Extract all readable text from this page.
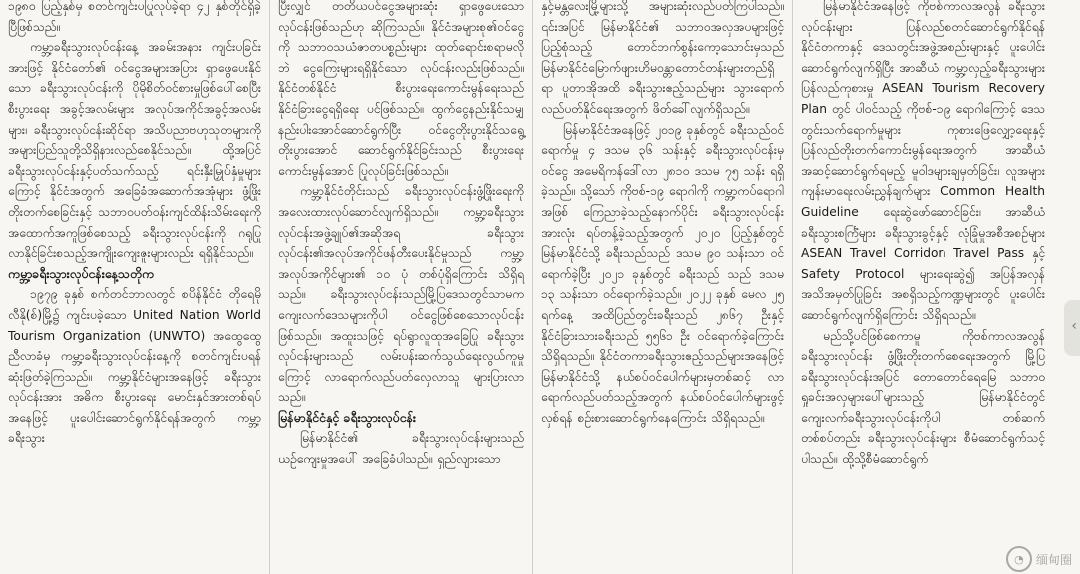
၁၉၈၀ ပြည့်နှစ်မှ စတင်ကျင်းပပြုလုပ်ခဲ့ရာ ၄၂ နှစ်တိုင်ရှိခဲ့ပြီဖြစ်သည်။

ကမ္ဘာ့ခရီးသွားလုပ်ငန်းနေ့ အခမ်းအနား ကျင်းပခြင်းအားဖြင့် နိုင်ငံတော်၏ ဝင်ငွေအများအပြား ရှာဖွေပေးနိုင်သော ခရီးသွားလုပ်ငန်းကို ပိုမိုစိတ်ဝင်စားမှုဖြစ်ပေါ်စေပြီး စီးပွားရေး အခွင့်အလမ်းများ အလုပ်အကိုင်အခွင့်အလမ်းများ၊ ခရီးသွားလုပ်ငန်းဆိုင်ရာ အသိပညာဗဟုသုတများကို အများပြည်သူတို့သိရှိနားလည်စေနိုင်သည်။ ထို့အပြင် ခရီးသွားလုပ်ငန်းနှင့်ပတ်သက်သည့် ရင်းနှီးမြှုပ်နှံမှုများကြောင့် နိုင်ငံအတွက် အခြေခံအဆောက်အအုံများ ဖွံ့ဖြိုးတိုးတက်စေခြင်းနှင့် သဘာဝပတ်ဝန်းကျင်ထိန်းသိမ်းရေးကို အထောက်အကူဖြစ်စေသည့် ခရီးသွားလုပ်ငန်းကို ဂရုပြုလာနိုင်ခြင်းစသည့်အကျိုးကျေးဇူးများလည်း ရရှိနိုင်သည်။

ကမ္ဘာ့ခရီးသွားလုပ်ငန်းနေ့သတိုက

၁၉၇၉ ခုနှစ် စက်တင်ဘာလတွင် စပိန်နိုင်ငံ တိုရေမိုလီနို(စ်)မြို့၌ ကျင်းပခဲ့သော United Nation World Tourism Organization (UNWTO) အထွေထွေညီလာခံမှ ကမ္ဘာ့ခရီးသွားလုပ်ငန်းနေ့ကို စတင်ကျင်းပရန် ဆုံးဖြတ်ခဲ့ကြသည်။ ကမ္ဘာ့နိုင်ငံများအနေဖြင့် ခရီးသွားလုပ်ငန်းအား အဓိက စီးပွားရေး မောင်းနှင်အားတစ်ရပ်အနေဖြင့် ပူးပေါင်းဆောင်ရွက်နိုင်ရန်အတွက် ကမ္ဘာ့ခရီးသွား

ပြီးလျှင် တတိယပင်ငွေအများဆုံး ရှာဖွေပေးသော လုပ်ငန်းဖြစ်သည်ဟု ဆိုကြသည်။ နိုင်ငံအများစု၏ဝင်ငွေကို သဘာဝသယံဇာတပစ္စည်းများ ထုတ်ရောင်းစရာမလိုဘဲ ငွေကြေးများရရှိနိုင်သော လုပ်ငန်းလည်းဖြစ်သည်။ နိုင်ငံတစ်နိုင်ငံ စီးပွားရေးကောင်းမွန်ရေးသည် နိုင်ငံခြားငွေရရှိရေး ပင်ဖြစ်သည်။ ထွက်ငွေနည်းနိုင်သမျှ နည်းပါးအောင်ဆောင်ရွက်ပြီး ဝင်ငွေတိုးပွားနိုင်သရွေ့ တိုးပွားအောင် ဆောင်ရွက်နိုင်ခြင်းသည် စီးပွားရေးကောင်းမွန်အောင် ပြုလုပ်ခြင်းဖြစ်သည်။

ကမ္ဘာ့နိုင်ငံတိုင်းသည် ခရီးသွားလုပ်ငန်းဖွံ့ဖြိုးရေးကို အလေးထားလုပ်ဆောင်လျက်ရှိသည်။ ကမ္ဘာ့ခရီးသွားလုပ်ငန်းအဖွဲ့ချုပ်၏အဆိုအရ ခရီးသွားလုပ်ငန်း၏အလုပ်အကိုင်ဖန်တီးပေးနိုင်မှုသည် ကမ္ဘာ့အလုပ်အကိုင်များ၏ ၁၀ ပုံ တစ်ပုံရှိကြောင်း သိရှိရသည်။ ခရီးသွားလုပ်ငန်းသည်မြို့ပြဒေသတွင်သာမက ကျေးလက်ဒေသများကိုပါ ဝင်ငွေဖြစ်စေသောလုပ်ငန်းဖြစ်သည်။ အထူးသဖြင့် ရပ်ရွာလူထုအခြေပြု ခရီးသွားလုပ်ငန်းများသည် လမ်းပန်းဆက်သွယ်ရေးလွယ်ကူမှုကြောင့် လာရောက်လည်ပတ်လှေလာသူ များပြားလာသည်။

မြန်မာနိုင်ငံနှင့် ခရီးသွားလုပ်ငန်း

မြန်မာနိုင်ငံ၏ ခရီးသွားလုပ်ငန်းများသည် ယဉ်ကျေးမှုအပေါ် အခြေခံပါသည်။ ရှည်လျားသော

နှင့်မန္တလေးမြို့များသို့ အများဆုံးလည်ပတ်ကြပါသည်။ ၎င်းအပြင် မြန်မာနိုင်ငံ၏ သဘာဝအလှအပများဖြင့် ပြည့်စုံသည့် တောင်ဘက်စွန်းကော့သောင်းမှသည် မြန်မာနိုင်ငံမြောက်ဖျားဟိမဝန္တာတောင်တန်းများတည်ရှိရာ ပူတာအိုအထိ ခရီးသွားဧည့်သည်များ သွားရောက်လည်ပတ်နိုင်ရေးအတွက် ဖိတ်ခေါ်လျက်ရှိသည်။

မြန်မာနိုင်ငံအနေဖြင့် ၂၀၁၉ ခုနှစ်တွင် ခရီးသည်ဝင်ရောက်မှု ၄ ဒသမ ၃၆ သန်းနှင့် ခရီးသွားလုပ်ငန်းမှ ဝင်ငွေ အမေရိကန်ဒေါ်လာ ၂၈၁၀ ဒသမ ၇၅ သန်း ရရှိခဲ့သည်။ သို့သော် ကိုဗစ်-၁၉ ရောဂါကို ကမ္ဘာ့ကပ်ရောဂါအဖြစ် ကြေညာခဲ့သည့်နောက်ပိုင်း ခရီးသွားလုပ်ငန်းအားလုံး ရပ်တန့်ခဲ့သည့်အတွက် ၂၀၂၀ ပြည့်နှစ်တွင် မြန်မာနိုင်ငံသို့ ခရီးသည်သည် ဒသမ ၉၀ သန်းသာ ဝင်ရောက်ခဲ့ပြီး ၂၀၂၁ ခုနှစ်တွင် ခရီးသည် သည် ဒသမ ၁၃ သန်းသာ ဝင်ရောက်ခဲ့သည်။ ၂၀၂၂ ခုနှစ် မေလ ၂၅ ရက်နေ့ အထိပြည်တွင်းခရီးသည် ၂၈၆၇ ဦးနှင့် နိုင်ငံခြားသားခရီးသည် ၅၅၆၁ ဦး ဝင်ရောက်ခဲ့ကြောင်း သိရှိရသည်။ နိုင်ငံတကာခရီးသွားဧည့်သည်များအနေဖြင့် မြန်မာနိုင်ငံသို့ နယ်စပ်ဝင်ပေါက်များမှတစ်ဆင့် လာရောက်လည်ပတ်သည့်အတွက် နယ်စပ်ဝင်ပေါက်များဖွင့်လှစ်ရန် စဉ်းစားဆောင်ရွက်နေကြောင်း သိရှိရသည်။

မြန်မာနိုင်ငံအနေဖြင့် ကိုဗစ်ကာလအလွန် ခရီးသွားလုပ်ငန်းများ ပြန်လည်စတင်ဆောင်ရွက်နိုင်ရန် နိုင်ငံတကာနှင့် ဒေသတွင်းအဖွဲ့အစည်းများနှင့် ပူးပေါင်းဆောင်ရွက်လျက်ရှိပြီး အာဆီယံ ကမ္ဘာ့လှည့်ခရီးသွားများ ပြန်လည်ကုစားမှု ASEAN Tourism Recovery Plan တွင် ပါဝင်သည့် ကိုဗစ်-၁၉ ရောဂါကြောင့် ဒေသတွင်းသက်ရောက်မှုများ ကုစားဖြေလျှော့ရေးနှင့် ပြန်လည်တိုးတက်ကောင်းမွန်ရေးအတွက် အာဆီယံအဆင့်ဆောင်ရွက်ရမည့် မူဝါဒများချမှတ်ခြင်း၊ လူအများကျန်းမာရေးလမ်းညွှန်ချက်များ Common Health Guideline ရေးဆွဲဖော်ဆောင်ခြင်း၊ အာဆီယံ ခရီးသွားစင်္ကြံများ ခရီးသွားခွင့်နှင့် လုံခြုံမှုအစီအစဉ်များ ASEAN Travel Corridor၊ Travel Pass နှင့် Safety Protocol များရေးဆွဲ၍ အပြန်အလှန်အသိအမှတ်ပြုခြင်း အစရှိသည့်ကဏ္ဍများတွင် ပူးပေါင်းဆောင်ရွက်လျက်ရှိကြောင်း သိရှိရသည်။

မည်သို့ပင်ဖြစ်စေကာမူ ကိုဗစ်ကာလအလွန် ခရီးသွားလုပ်ငန်း ဖွံ့ဖြိုးတိုးတက်စေရေးအတွက် မြို့ပြခရီးသွားလုပ်ငန်းအပြင် တောတောင်ရေမြေ သဘာဝရှုခင်းအလှများပေါ်များသည့် မြန်မာနိုင်ငံတွင် ကျေးလက်ခရီးသွားလုပ်ငန်းကိုပါ တစ်ဆက်တစ်စပ်တည်း ခရီးသွားလုပ်ငန်းများ စီမံဆောင်ရွက်သင့်ပါသည်။ ထို့သို့စီမံဆောင်ရွက်

‹
◔	缅甸圈
